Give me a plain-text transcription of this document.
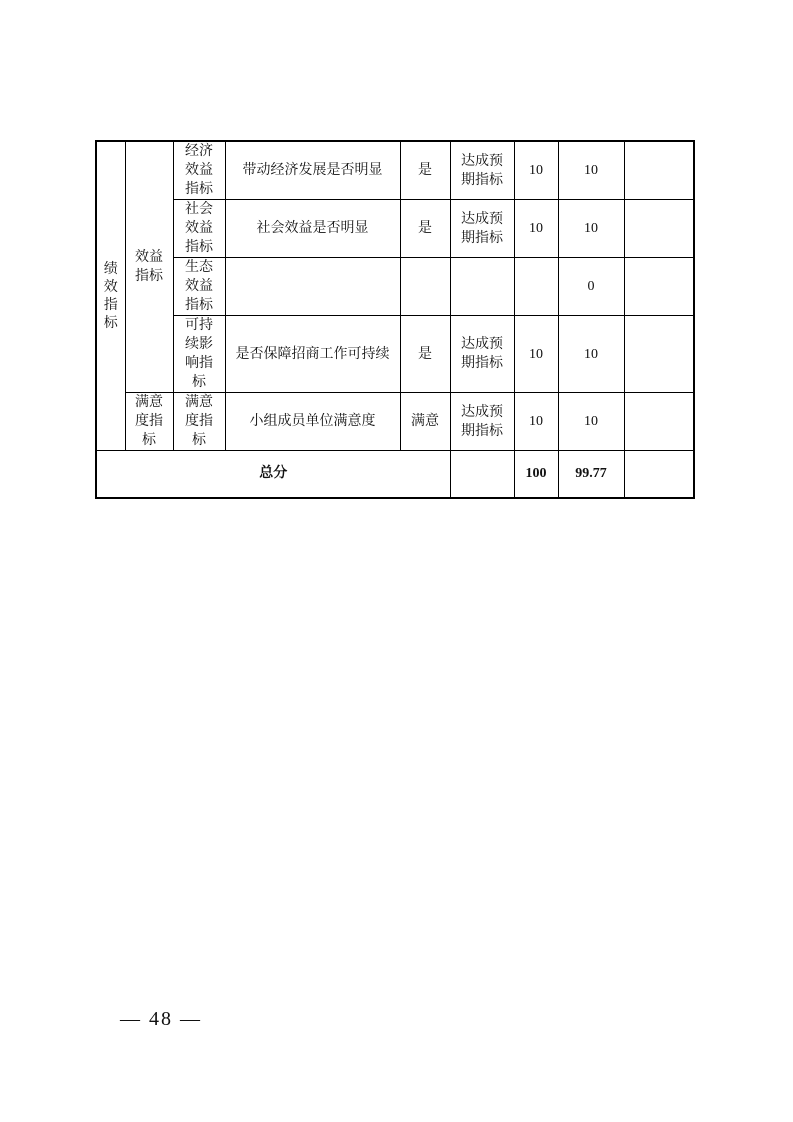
绩效指标	效益指标	经济效益指标	带动经济发展是否明显	是	达成预期指标	10	10	
		社会效益指标	社会效益是否明显	是	达成预期指标	10	10	
		生态效益指标					0	
		可持续影响指标	是否保障招商工作可持续	是	达成预期指标	10	10	
	满意度指标	满意度指标	小组成员单位满意度	满意	达成预期指标	10	10	

总分						100	99.77	
— 48 —
